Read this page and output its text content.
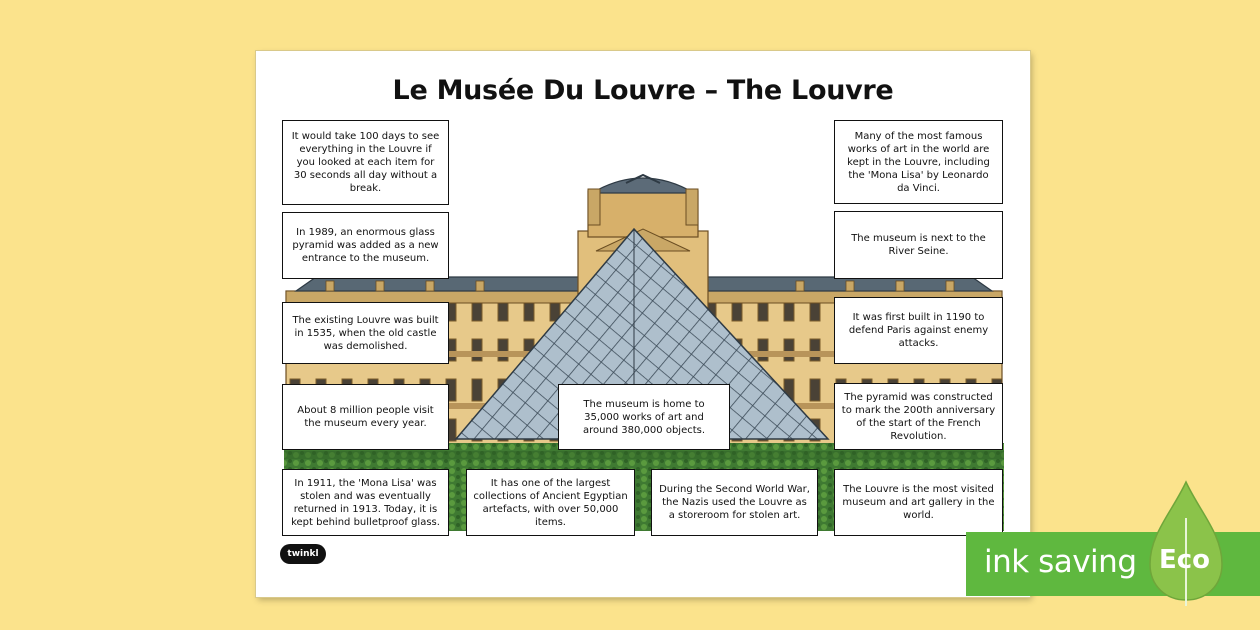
Le Musée Du Louvre – The Louvre
It would take 100 days to see everything in the Louvre if you looked at each item for 30 seconds all day without a break.
In 1989, an enormous glass pyramid was added as a new entrance to the museum.
The existing Louvre was built in 1535, when the old castle was demolished.
About 8 million people visit the museum every year.
In 1911, the 'Mona Lisa' was stolen and was eventually returned in 1913. Today, it is kept behind bulletproof glass.
It has one of the largest collections of Ancient Egyptian artefacts, with over 50,000 items.
The museum is home to 35,000 works of art and around 380,000 objects.
During the Second World War, the Nazis used the Louvre as a storeroom for stolen art.
Many of the most famous works of art in the world are kept in the Louvre, including the 'Mona Lisa' by Leonardo da Vinci.
The museum is next to the River Seine.
It was first built in 1190 to defend Paris against enemy attacks.
The pyramid was constructed to mark the 200th anniversary of the start of the French Revolution.
The Louvre is the most visited museum and art gallery in the world.
twinkl	ink saving Eco
